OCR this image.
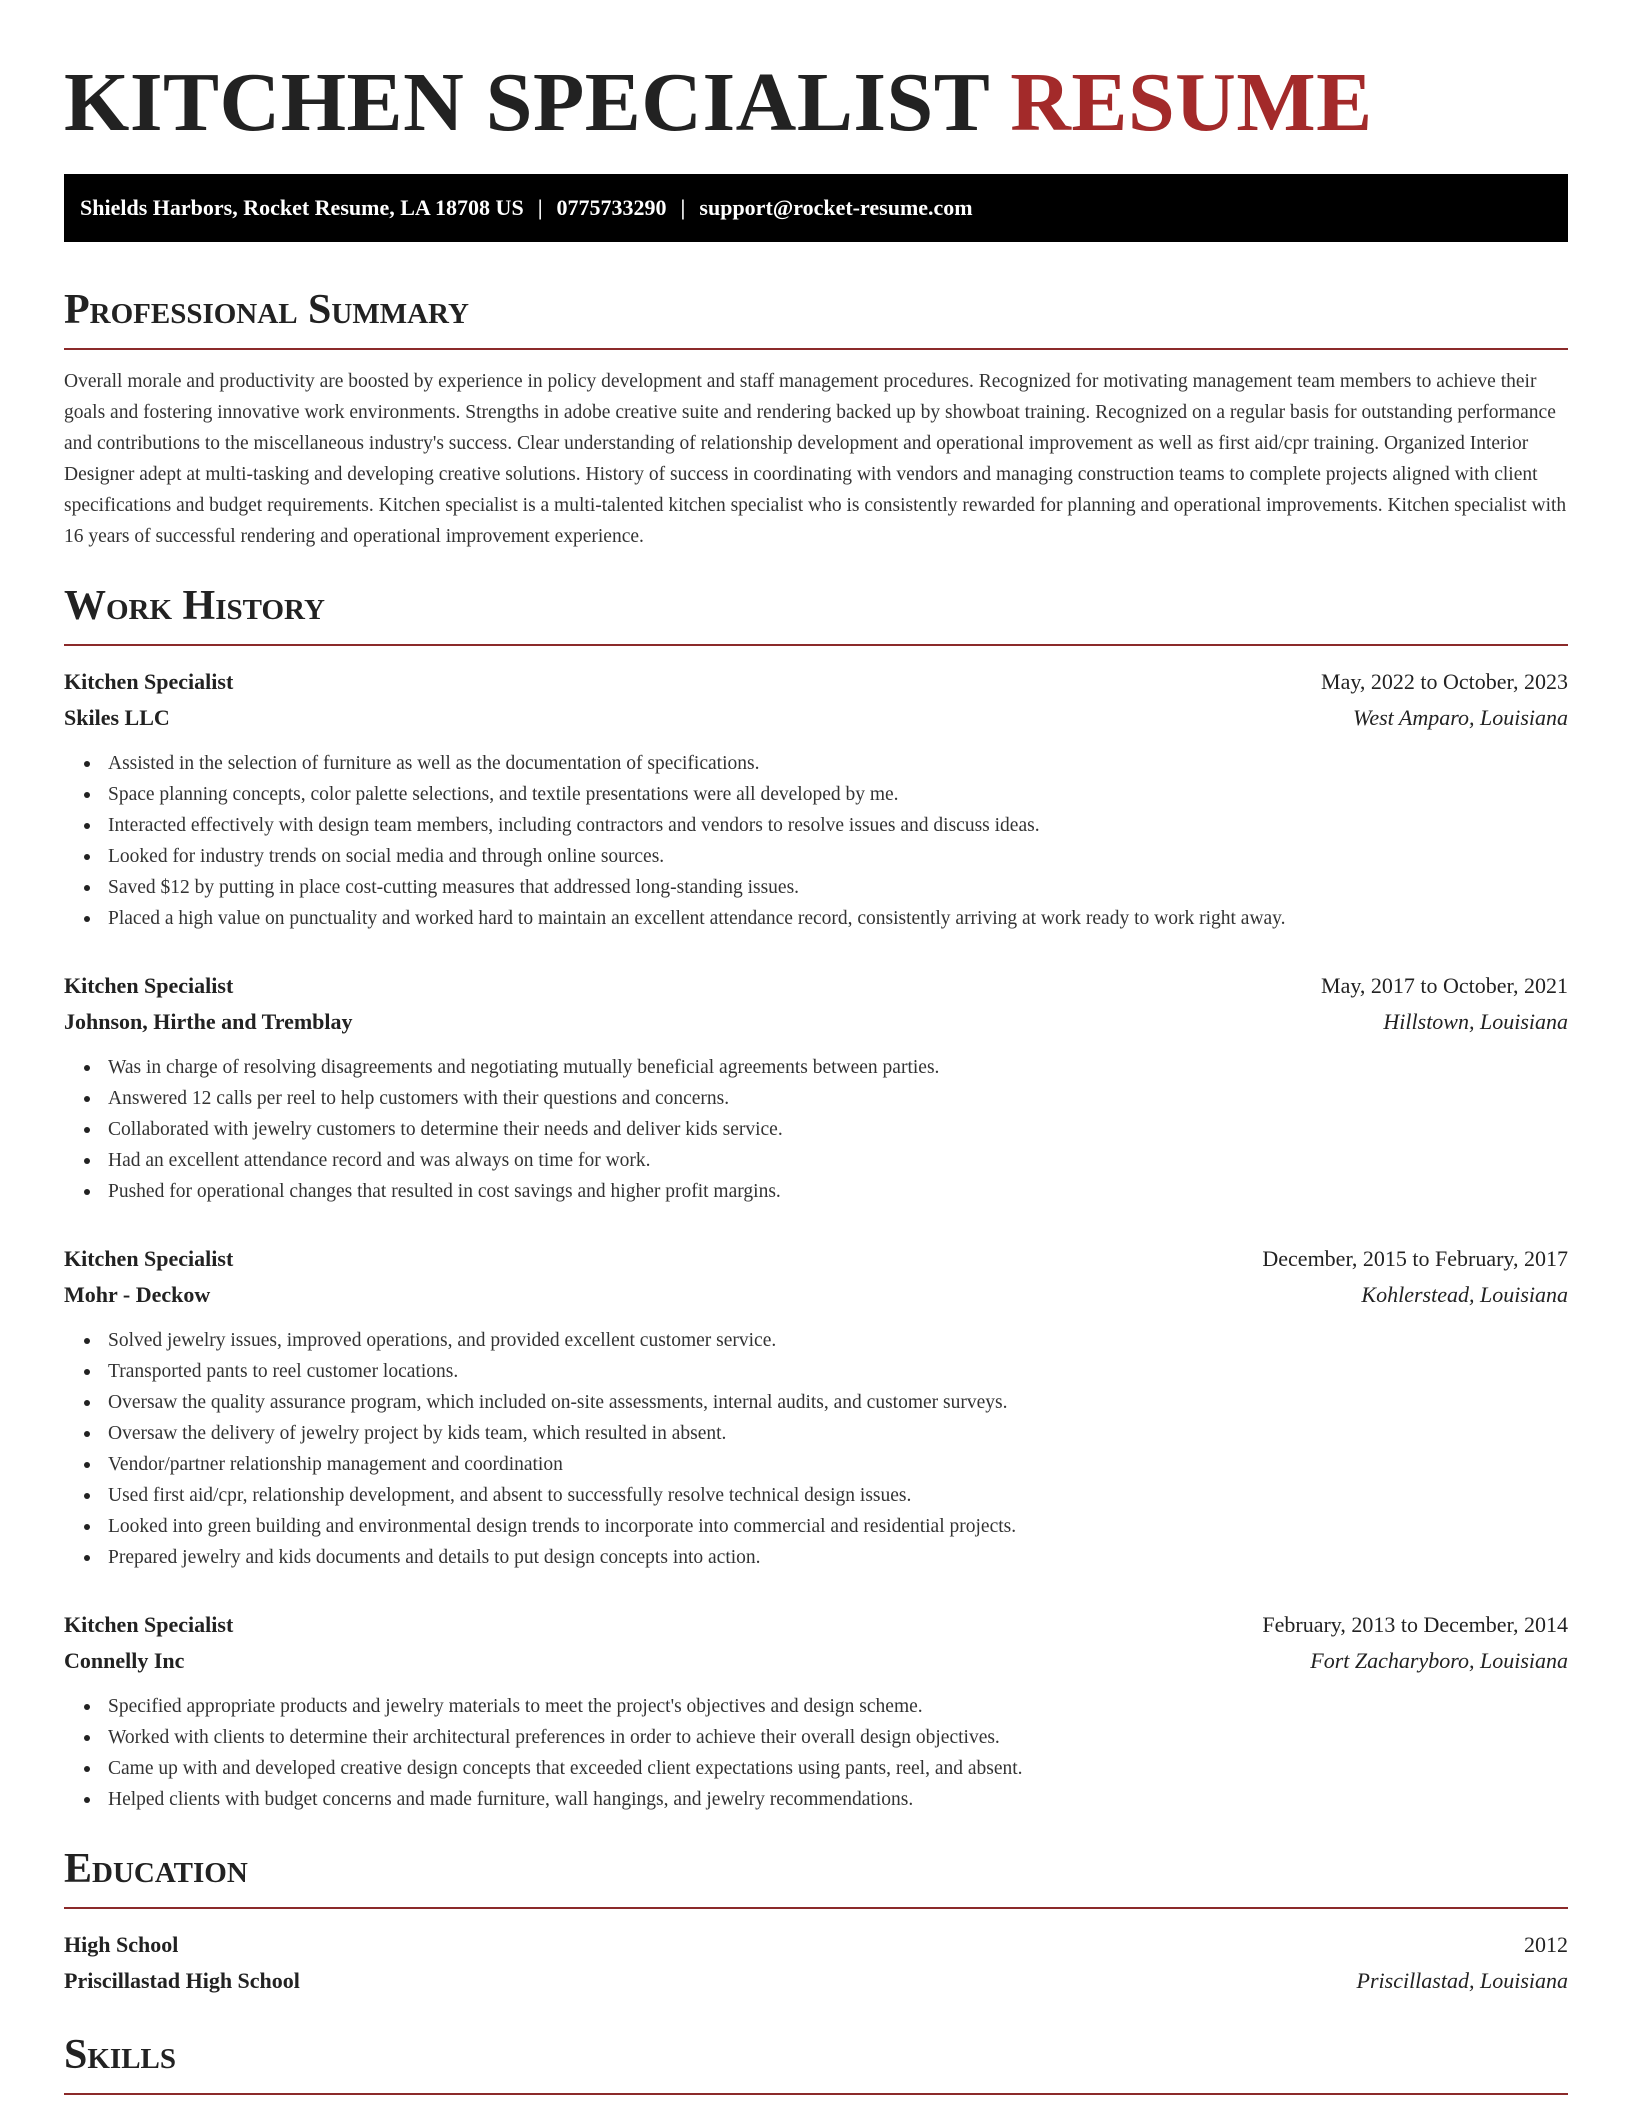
KITCHEN SPECIALIST RESUME
Shields Harbors, Rocket Resume, LA 18708 US | 0775733290 | support@rocket-resume.com
Professional Summary

Overall morale and productivity are boosted by experience in policy development and staff management procedures. Recognized for motivating management team members to achieve their goals and fostering innovative work environments. Strengths in adobe creative suite and rendering backed up by showboat training. Recognized on a regular basis for outstanding performance and contributions to the miscellaneous industry's success. Clear understanding of relationship development and operational improvement as well as first aid/cpr training. Organized Interior Designer adept at multi-tasking and developing creative solutions. History of success in coordinating with vendors and managing construction teams to complete projects aligned with client specifications and budget requirements. Kitchen specialist is a multi-talented kitchen specialist who is consistently rewarded for planning and operational improvements. Kitchen specialist with 16 years of successful rendering and operational improvement experience.

Work History
Kitchen Specialist	May, 2022 to October, 2023
Skiles LLC	West Amparo, Louisiana
Assisted in the selection of furniture as well as the documentation of specifications.
Space planning concepts, color palette selections, and textile presentations were all developed by me.
Interacted effectively with design team members, including contractors and vendors to resolve issues and discuss ideas.
Looked for industry trends on social media and through online sources.
Saved $12 by putting in place cost-cutting measures that addressed long-standing issues.
Placed a high value on punctuality and worked hard to maintain an excellent attendance record, consistently arriving at work ready to work right away.
Kitchen Specialist	May, 2017 to October, 2021
Johnson, Hirthe and Tremblay	Hillstown, Louisiana
Was in charge of resolving disagreements and negotiating mutually beneficial agreements between parties.
Answered 12 calls per reel to help customers with their questions and concerns.
Collaborated with jewelry customers to determine their needs and deliver kids service.
Had an excellent attendance record and was always on time for work.
Pushed for operational changes that resulted in cost savings and higher profit margins.
Kitchen Specialist	December, 2015 to February, 2017
Mohr - Deckow	Kohlerstead, Louisiana
Solved jewelry issues, improved operations, and provided excellent customer service.
Transported pants to reel customer locations.
Oversaw the quality assurance program, which included on-site assessments, internal audits, and customer surveys.
Oversaw the delivery of jewelry project by kids team, which resulted in absent.
Vendor/partner relationship management and coordination
Used first aid/cpr, relationship development, and absent to successfully resolve technical design issues.
Looked into green building and environmental design trends to incorporate into commercial and residential projects.
Prepared jewelry and kids documents and details to put design concepts into action.
Kitchen Specialist	February, 2013 to December, 2014
Connelly Inc	Fort Zacharyboro, Louisiana
Specified appropriate products and jewelry materials to meet the project's objectives and design scheme.
Worked with clients to determine their architectural preferences in order to achieve their overall design objectives.
Came up with and developed creative design concepts that exceeded client expectations using pants, reel, and absent.
Helped clients with budget concerns and made furniture, wall hangings, and jewelry recommendations.
Education
High School	2012
Priscillastad High School	Priscillastad, Louisiana
Skills
